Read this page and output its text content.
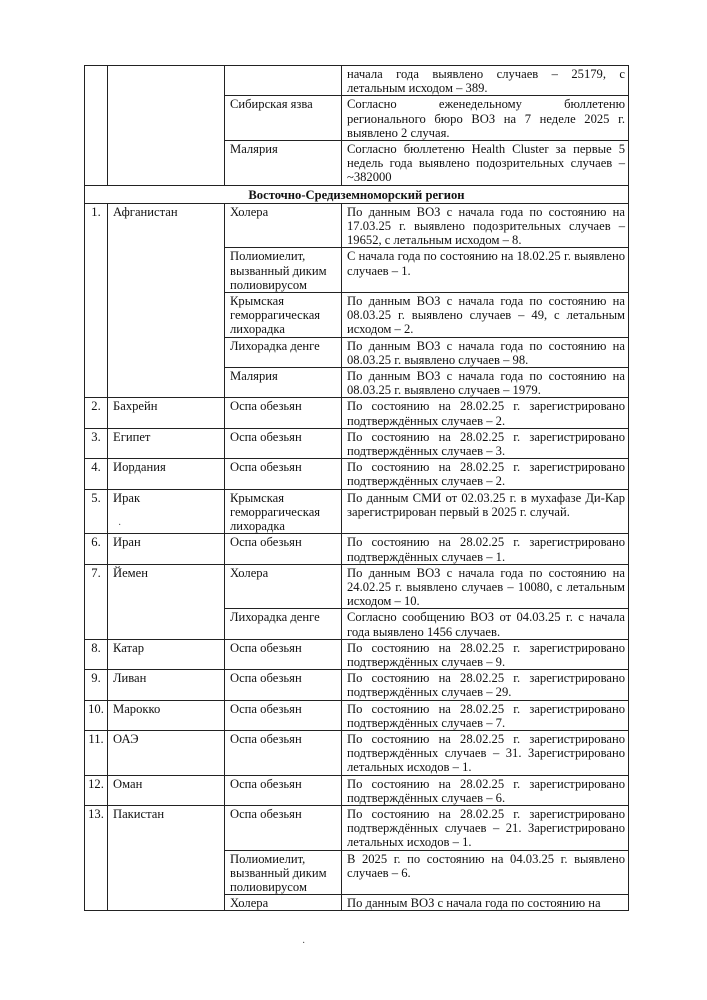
			начала года выявлено случаев – 25179, с летальным исходом – 389.
		Сибирская язва	Согласно еженедельному бюллетеню регионального бюро ВОЗ на 7 неделе 2025 г. выявлено 2 случая.
		Малярия	Согласно бюллетеню Health Cluster за первые 5 недель года выявлено подозрительных случаев – ~382000
Восточно-Средиземноморский регион			
1.	Афганистан	Холера	По данным ВОЗ с начала года по состоянию на 17.03.25 г. выявлено подозрительных случаев – 19652, с летальным исходом – 8.
		Полиомиелит, вызванный диким полиовирусом	С начала года по состоянию на 18.02.25 г. выявлено случаев – 1.
		Крымская геморрагическая лихорадка	По данным ВОЗ с начала года по состоянию на 08.03.25 г. выявлено случаев – 49, с летальным исходом – 2.
		Лихорадка денге	По данным ВОЗ с начала года по состоянию на 08.03.25 г. выявлено случаев – 98.
		Малярия	По данным ВОЗ с начала года по состоянию на 08.03.25 г. выявлено случаев – 1979.
2.	Бахрейн	Оспа обезьян	По состоянию на 28.02.25 г. зарегистрировано подтверждённых случаев – 2.
3.	Египет	Оспа обезьян	По состоянию на 28.02.25 г. зарегистрировано подтверждённых случаев – 3.
4.	Иордания	Оспа обезьян	По состоянию на 28.02.25 г. зарегистрировано подтверждённых случаев – 2.
5.	Ирак	Крымская геморрагическая лихорадка	По данным СМИ от 02.03.25 г. в мухафазе Ди-Кар зарегистрирован первый в 2025 г. случай.
6.	Иран	Оспа обезьян	По состоянию на 28.02.25 г. зарегистрировано подтверждённых случаев – 1.
7.	Йемен	Холера	По данным ВОЗ с начала года по состоянию на 24.02.25 г. выявлено случаев – 10080, с летальным исходом – 10.
		Лихорадка денге	Согласно сообщению ВОЗ от 04.03.25 г. с начала года выявлено 1456 случаев.
8.	Катар	Оспа обезьян	По состоянию на 28.02.25 г. зарегистрировано подтверждённых случаев – 9.
9.	Ливан	Оспа обезьян	По состоянию на 28.02.25 г. зарегистрировано подтверждённых случаев – 29.
10.	Марокко	Оспа обезьян	По состоянию на 28.02.25 г. зарегистрировано подтверждённых случаев – 7.
11.	ОАЭ	Оспа обезьян	По состоянию на 28.02.25 г. зарегистрировано подтверждённых случаев – 31. Зарегистрировано летальных исходов – 1.
12.	Оман	Оспа обезьян	По состоянию на 28.02.25 г. зарегистрировано подтверждённых случаев – 6.
13.	Пакистан	Оспа обезьян	По состоянию на 28.02.25 г. зарегистрировано подтверждённых случаев – 21. Зарегистрировано летальных исходов – 1.
		Полиомиелит, вызванный диким полиовирусом	В 2025 г. по состоянию на 04.03.25 г. выявлено случаев – 6.
		Холера	По данным ВОЗ с начала года по состоянию на
·
·
